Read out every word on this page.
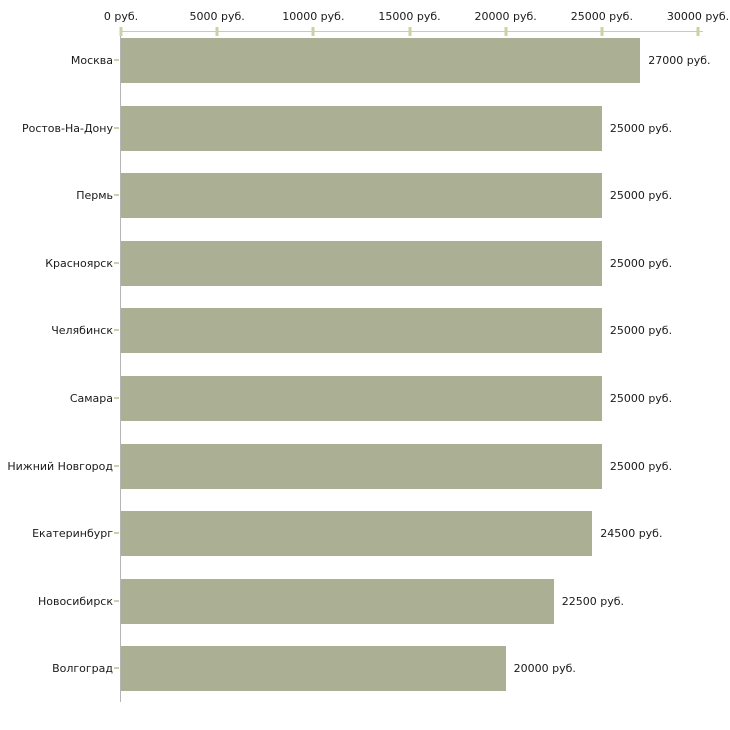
0 руб.	5000 руб.	10000 руб.	15000 руб.	20000 руб.	25000 руб.	30000 руб.
Москва	27000 руб.
Ростов-На-Дону	25000 руб.
Пермь	25000 руб.
Красноярск	25000 руб.
Челябинск	25000 руб.
Самара	25000 руб.
Нижний Новгород	25000 руб.
Екатеринбург	24500 руб.
Новосибирск	22500 руб.
Волгоград	20000 руб.
